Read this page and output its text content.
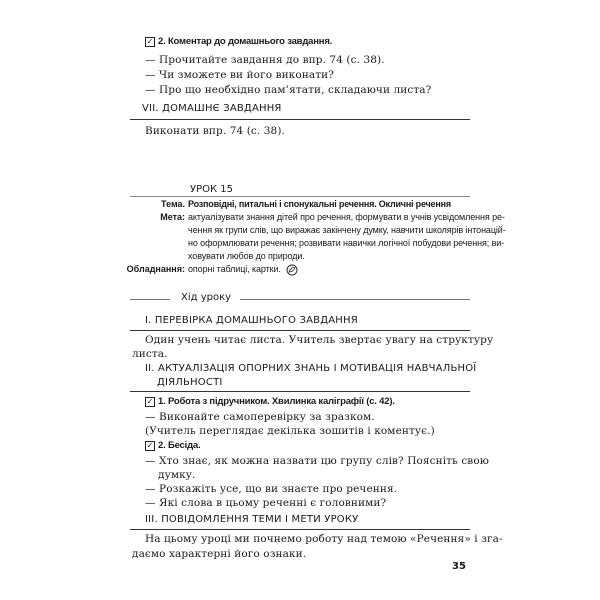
✓ 2. Коментар до домашнього завдання.
— Прочитайте завдання до впр. 74 (с. 38).
— Чи зможете ви його виконати?
— Про що необхідно пам’ятати, складаючи листа?
VII. ДОМАШНЄ ЗАВДАННЯ
Виконати впр. 74 (с. 38).
УРОК 15
Тема. Розповідні, питальні і спонукальні речення. Окличні речення
Мета: актуалізувати знання дітей про речення, формувати в учнів усвідомлення ре-
чення як групи слів, що виражає закінчену думку, навчити школярів інтонацій-
но оформлювати речення; розвивати навички логічної побудови речення; ви-
ховувати любов до природи.
Обладнання: опорні таблиці, картки.
Хід уроку
I. ПЕРЕВІРКА ДОМАШНЬОГО ЗАВДАННЯ
Один учень читає листа. Учитель звертає увагу на структуру
листа.
II. АКТУАЛІЗАЦІЯ ОПОРНИХ ЗНАНЬ І МОТИВАЦІЯ НАВЧАЛЬНОЇ
ДІЯЛЬНОСТІ
✓ 1. Робота з підручником. Хвилинка каліграфії (с. 42).
— Виконайте самоперевірку за зразком.
(Учитель переглядає декілька зошитів і коментує.)
✓ 2. Бесіда.
— Хто знає, як можна назвати цю групу слів? Поясніть свою
думку.
— Розкажіть усе, що ви знаєте про речення.
— Які слова в цьому реченні є головними?
III. ПОВІДОМЛЕННЯ ТЕМИ І МЕТИ УРОКУ
На цьому уроці ми почнемо роботу над темою «Речення» і зга-
даємо характерні його ознаки.
35
